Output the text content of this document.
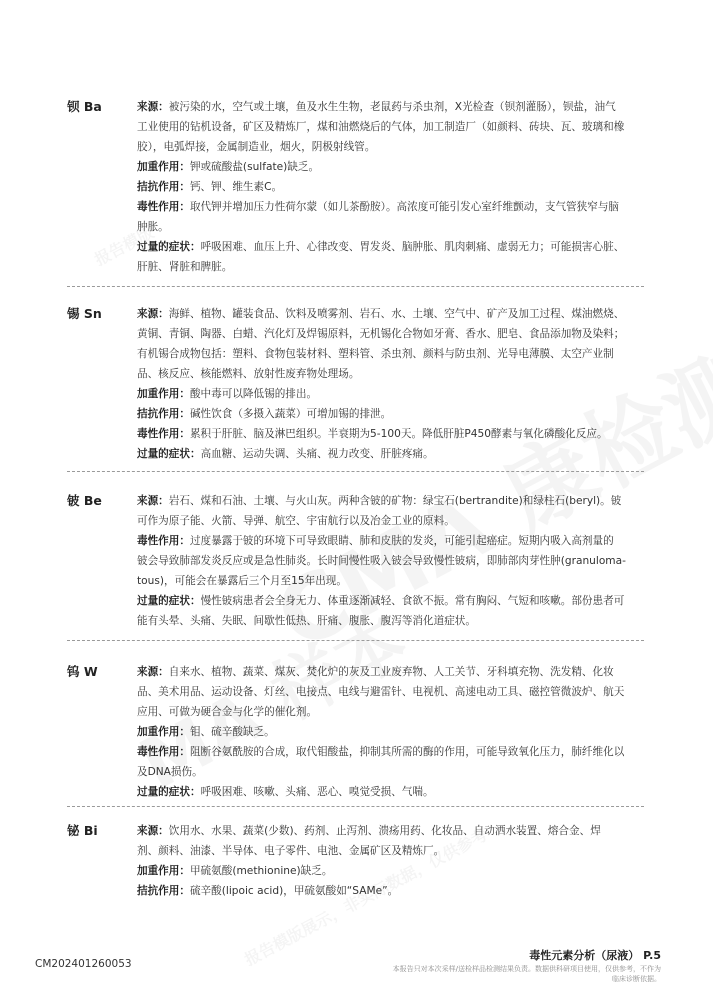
钡 Ba	来源：被污染的水，空气或土壤，鱼及水生生物，老鼠药与杀虫剂，X光检查（钡剂灌肠），钡盐，油气
工业使用的钻机设备，矿区及精炼厂，煤和油燃烧后的气体，加工制造厂（如颜料、砖块、瓦、玻璃和橡
胶），电弧焊接，金属制造业，烟火，阴极射线管。
加重作用：钾或硫酸盐(sulfate)缺乏。
拮抗作用：钙、钾、维生素C。
毒性作用：取代钾并增加压力性荷尔蒙（如儿茶酚胺）。高浓度可能引发心室纤维颤动，支气管狭窄与脑
肿胀。
过量的症状：呼吸困难、血压上升、心律改变、胃发炎、脑肿胀、肌肉刺痛、虚弱无力；可能损害心脏、
肝脏、肾脏和脾脏。
锡 Sn	来源：海鲜、植物、罐装食品、饮料及喷雾剂、岩石、水、土壤、空气中、矿产及加工过程、煤油燃烧、
黄铜、青铜、陶器、白蜡、汽化灯及焊锡原料，无机锡化合物如牙膏、香水、肥皂、食品添加物及染料；
有机锡合成物包括：塑料、食物包装材料、塑料管、杀虫剂、颜料与防虫剂、光导电薄膜、太空产业制
品、核反应、核能燃料、放射性废弃物处理场。
加重作用：酸中毒可以降低锡的排出。
拮抗作用：碱性饮食（多摄入蔬菜）可增加锡的排泄。
毒性作用：累积于肝脏、脑及淋巴组织。半衰期为5-100天。降低肝脏P450酵素与氧化磷酸化反应。
过量的症状：高血糖、运动失调、头痛、视力改变、肝脏疼痛。
铍 Be	来源：岩石、煤和石油、土壤、与火山灰。两种含铍的矿物：绿宝石(bertrandite)和绿柱石(beryl)。铍
可作为原子能、火箭、导弹、航空、宇宙航行以及冶金工业的原料。
毒性作用：过度暴露于铍的环境下可导致眼睛、肺和皮肤的发炎，可能引起癌症。短期内吸入高剂量的
铍会导致肺部发炎反应或是急性肺炎。长时间慢性吸入铍会导致慢性铍病，即肺部肉芽性肿(granuloma-
tous)，可能会在暴露后三个月至15年出现。
过量的症状：慢性铍病患者会全身无力、体重逐渐减轻、食欲不振。常有胸闷、气短和咳嗽。部份患者可
能有头晕、头痛、失眠、间歇性低热、肝痛、腹胀、腹泻等消化道症状。
钨 W	来源：自来水、植物、蔬菜、煤灰、焚化炉的灰及工业废弃物、人工关节、牙科填充物、洗发精、化妆
品、美术用品、运动设备、灯丝、电接点、电线与避雷针、电视机、高速电动工具、磁控管微波炉、航天
应用、可做为硬合金与化学的催化剂。
加重作用：钼、硫辛酸缺乏。
毒性作用：阻断谷氨酰胺的合成，取代钼酸盐，抑制其所需的酶的作用，可能导致氧化压力，肺纤维化以
及DNA损伤。
过量的症状：呼吸困难、咳嗽、头痛、恶心、嗅觉受损、气喘。
铋 Bi	来源：饮用水、水果、蔬菜(少数)、药剂、止泻剂、溃疡用药、化妆品、自动洒水装置、熔合金、焊
剂、颜料、油漆、半导体、电子零件、电池、金属矿区及精炼厂。
加重作用：甲硫氨酸(methionine)缺乏。
拮抗作用：硫辛酸(lipoic acid)，甲硫氨酸如“SAMe”。
毒性元素分析（尿液） P.5
CM202401260053	本报告只对本次采样/送检样品检测结果负责。数据供科研项目使用，仅供参考，不作为临床诊断依据。
